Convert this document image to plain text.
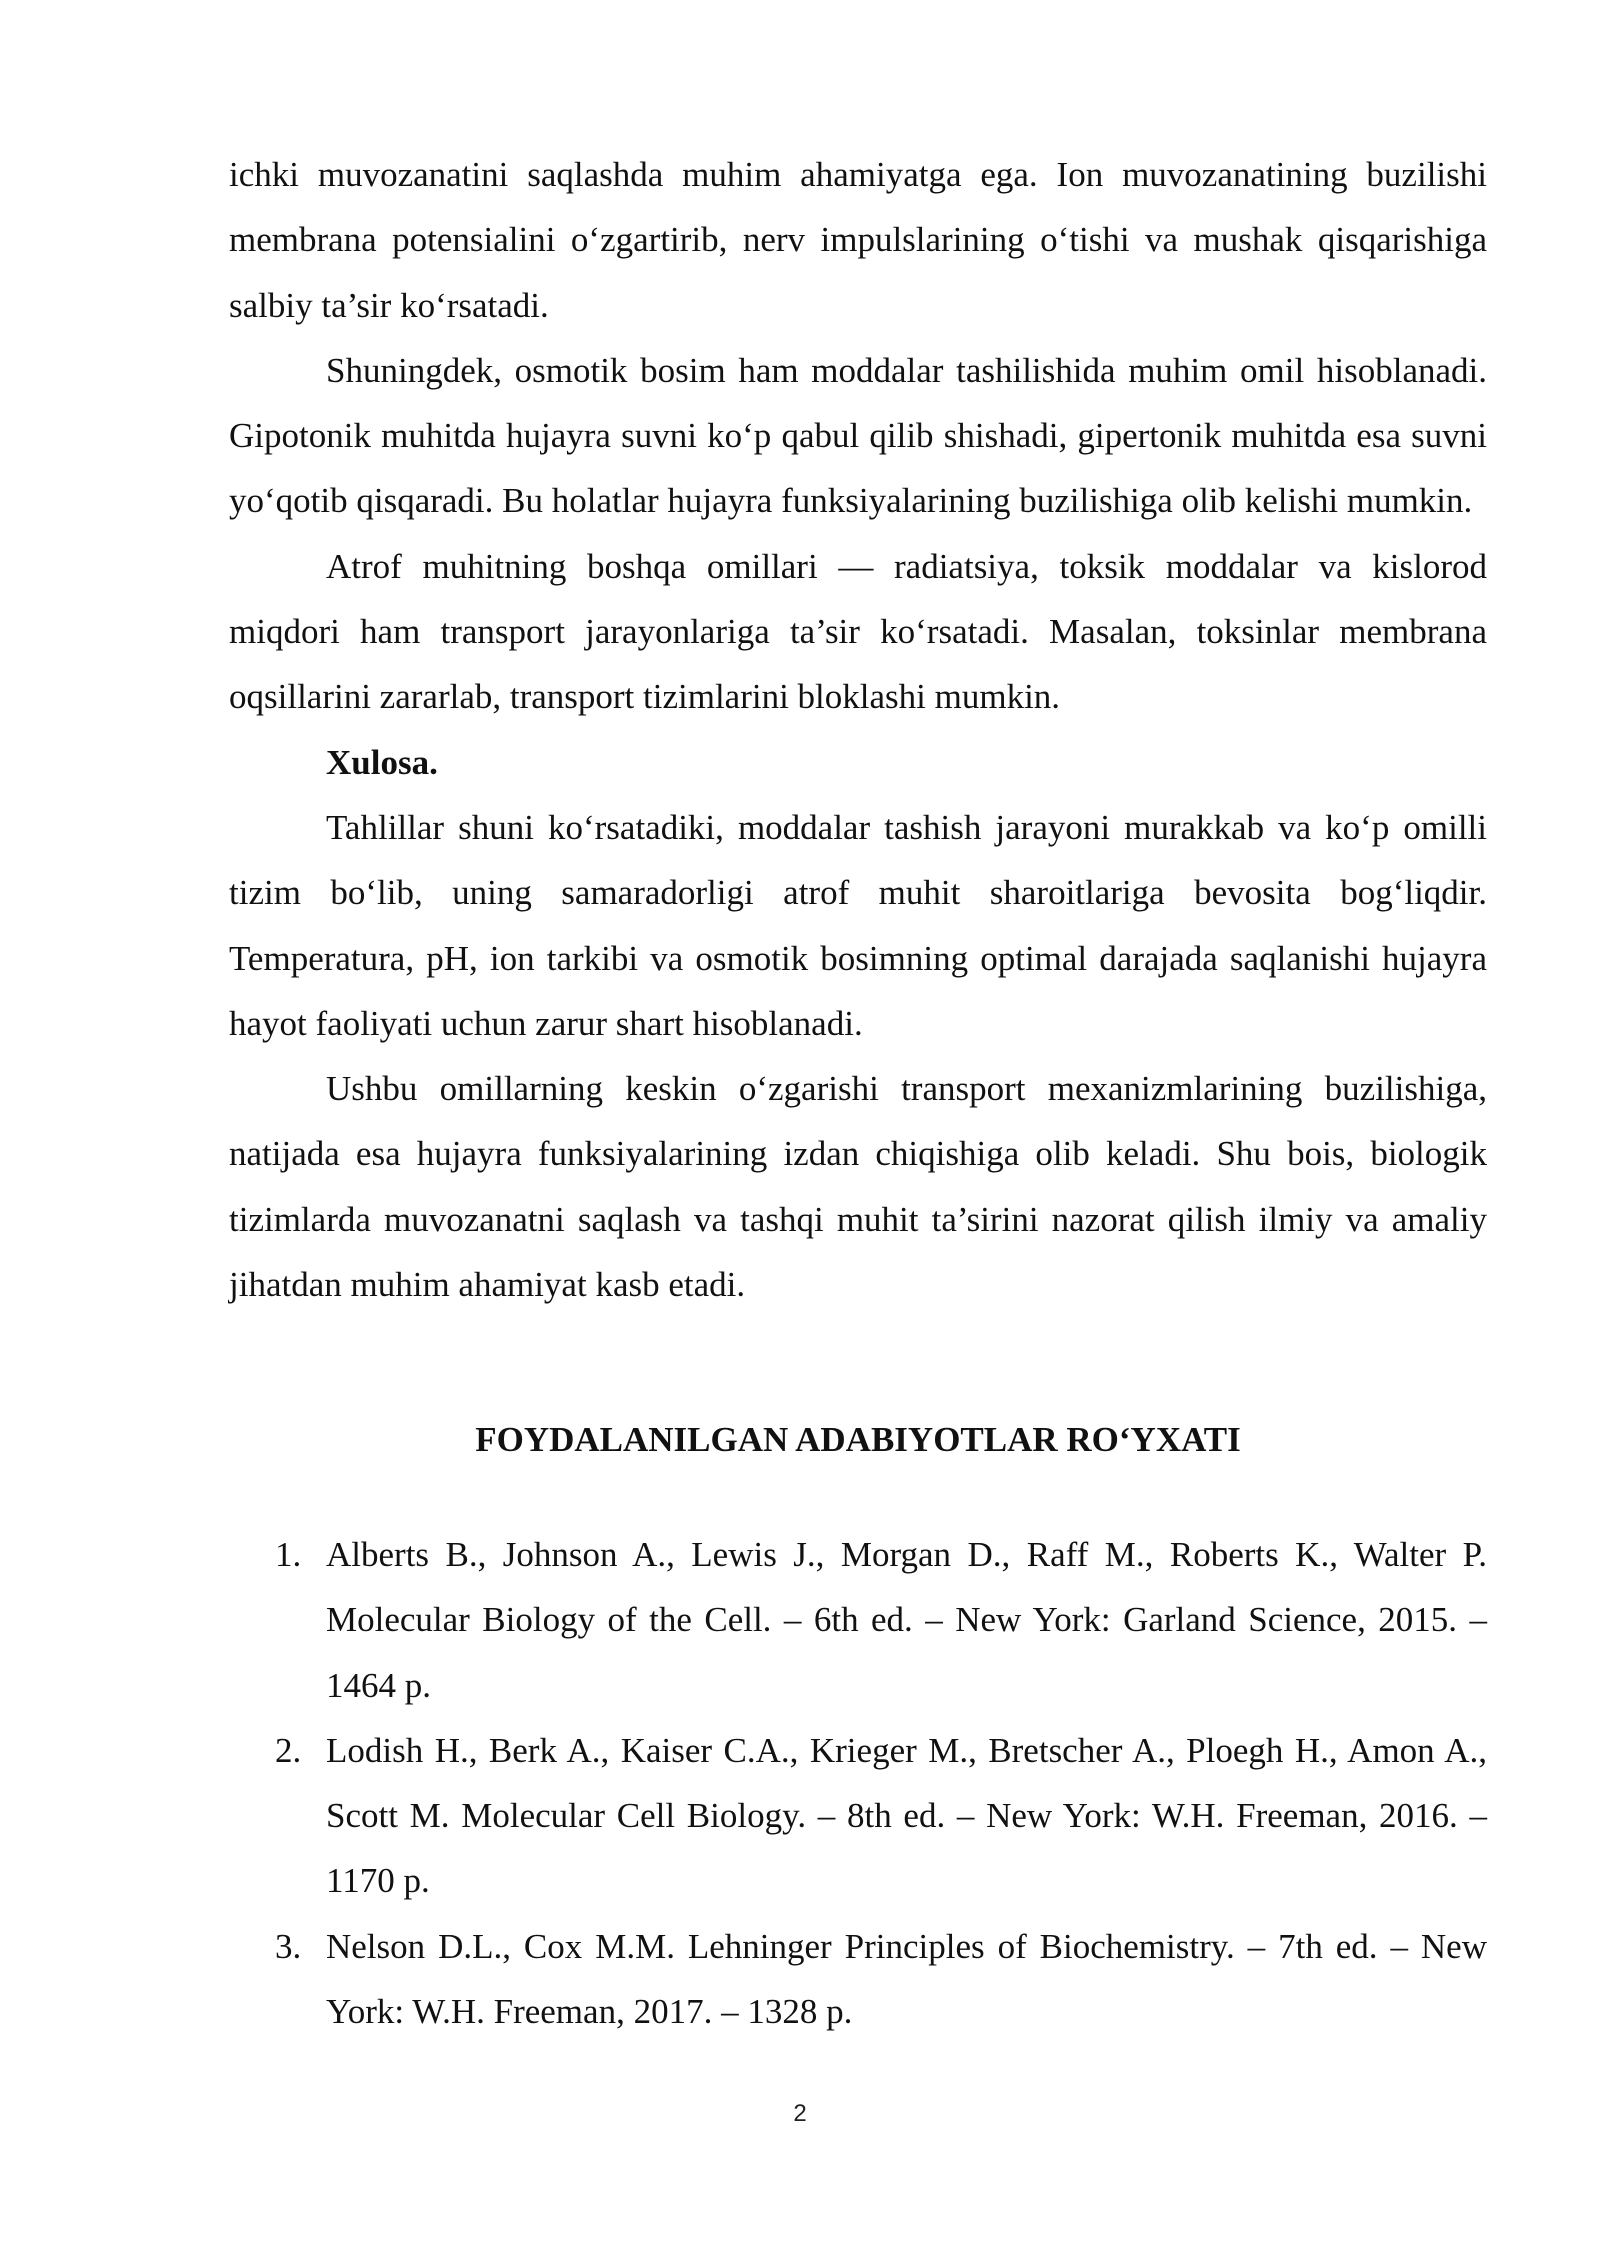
ichki muvozanatini saqlashda muhim ahamiyatga ega. Ion muvozanatining buzilishi membrana potensialini o‘zgartirib, nerv impulslarining o‘tishi va mushak qisqarishiga salbiy ta’sir ko‘rsatadi.

Shuningdek, osmotik bosim ham moddalar tashilishida muhim omil hisoblanadi. Gipotonik muhitda hujayra suvni ko‘p qabul qilib shishadi, gipertonik muhitda esa suvni yo‘qotib qisqaradi. Bu holatlar hujayra funksiyalarining buzilishiga olib kelishi mumkin.

Atrof muhitning boshqa omillari — radiatsiya, toksik moddalar va kislorod miqdori ham transport jarayonlariga ta’sir ko‘rsatadi. Masalan, toksinlar membrana oqsillarini zararlab, transport tizimlarini bloklashi mumkin.

Xulosa.

Tahlillar shuni ko‘rsatadiki, moddalar tashish jarayoni murakkab va ko‘p omilli tizim bo‘lib, uning samaradorligi atrof muhit sharoitlariga bevosita bog‘liqdir. Temperatura, pH, ion tarkibi va osmotik bosimning optimal darajada saqlanishi hujayra hayot faoliyati uchun zarur shart hisoblanadi.

Ushbu omillarning keskin o‘zgarishi transport mexanizmlarining buzilishiga, natijada esa hujayra funksiyalarining izdan chiqishiga olib keladi. Shu bois, biologik tizimlarda muvozanatni saqlash va tashqi muhit ta’sirini nazorat qilish ilmiy va amaliy jihatdan muhim ahamiyat kasb etadi.

FOYDALANILGAN ADABIYOTLAR RO‘YXATI
1. Alberts B., Johnson A., Lewis J., Morgan D., Raff M., Roberts K., Walter P. Molecular Biology of the Cell. – 6th ed. – New York: Garland Science, 2015. – 1464 p.
2. Lodish H., Berk A., Kaiser C.A., Krieger M., Bretscher A., Ploegh H., Amon A., Scott M. Molecular Cell Biology. – 8th ed. – New York: W.H. Freeman, 2016. – 1170 p.
3. Nelson D.L., Cox M.M. Lehninger Principles of Biochemistry. – 7th ed. – New York: W.H. Freeman, 2017. – 1328 p.
2
